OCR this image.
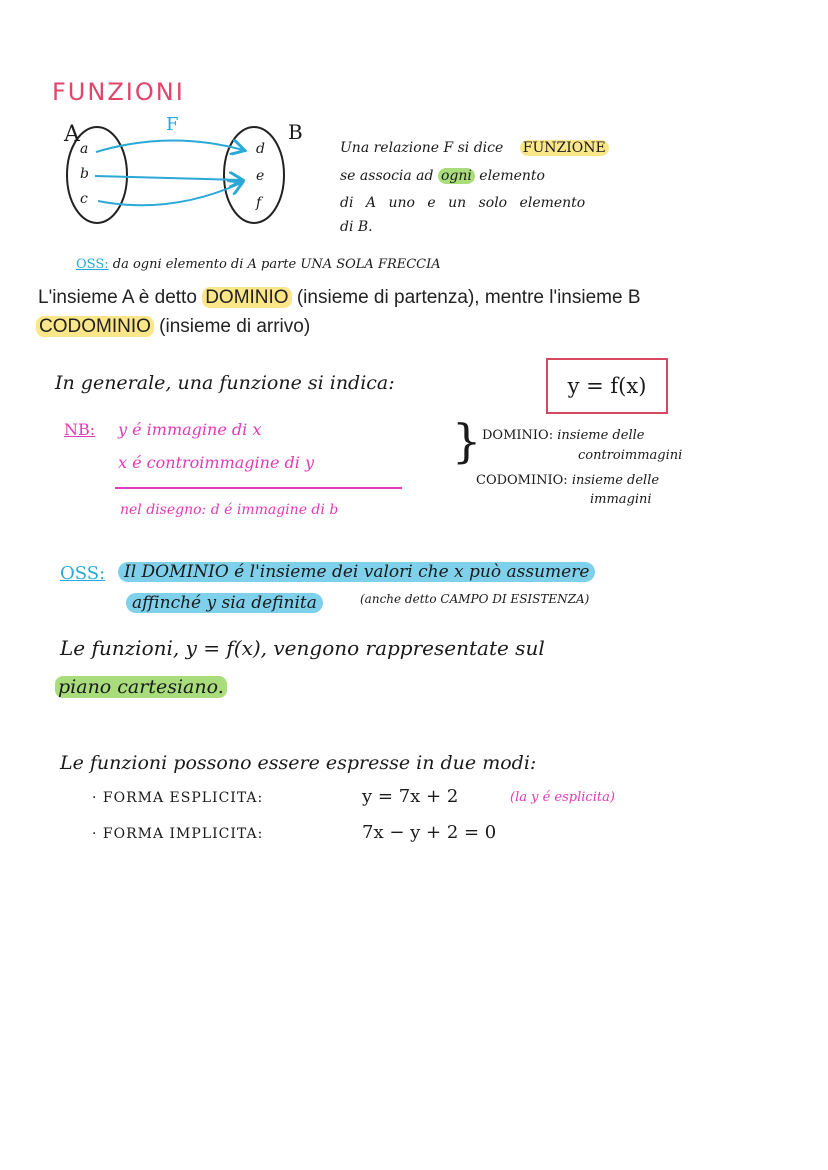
FUNZIONI
A	B
F
a
b
c
d
e
f
Una relazione F si dice FUNZIONE
se associa ad ogni elemento
di A uno e un solo elemento
di B.
OSS: da ogni elemento di A parte UNA SOLA FRECCIA
L'insieme A è detto DOMINIO (insieme di partenza), mentre l'insieme B
CODOMINIO (insieme di arrivo)
In generale, una funzione si indica:	y = f(x)
NB: y é immagine di x
x é controimmagine di y
nel disegno: d é immagine di b
} DOMINIO: insieme delle
controimmagini
CODOMINIO: insieme delle
immagini
OSS:	Il DOMINIO é l'insieme dei valori che x può assumere
affinché y sia definita	(anche detto CAMPO DI ESISTENZA)
Le funzioni, y = f(x), vengono rappresentate sul
piano cartesiano.
Le funzioni possono essere espresse in due modi:
· FORMA ESPLICITA:	y = 7x + 2	(la y é esplicita)
· FORMA IMPLICITA:	7x − y + 2 = 0
